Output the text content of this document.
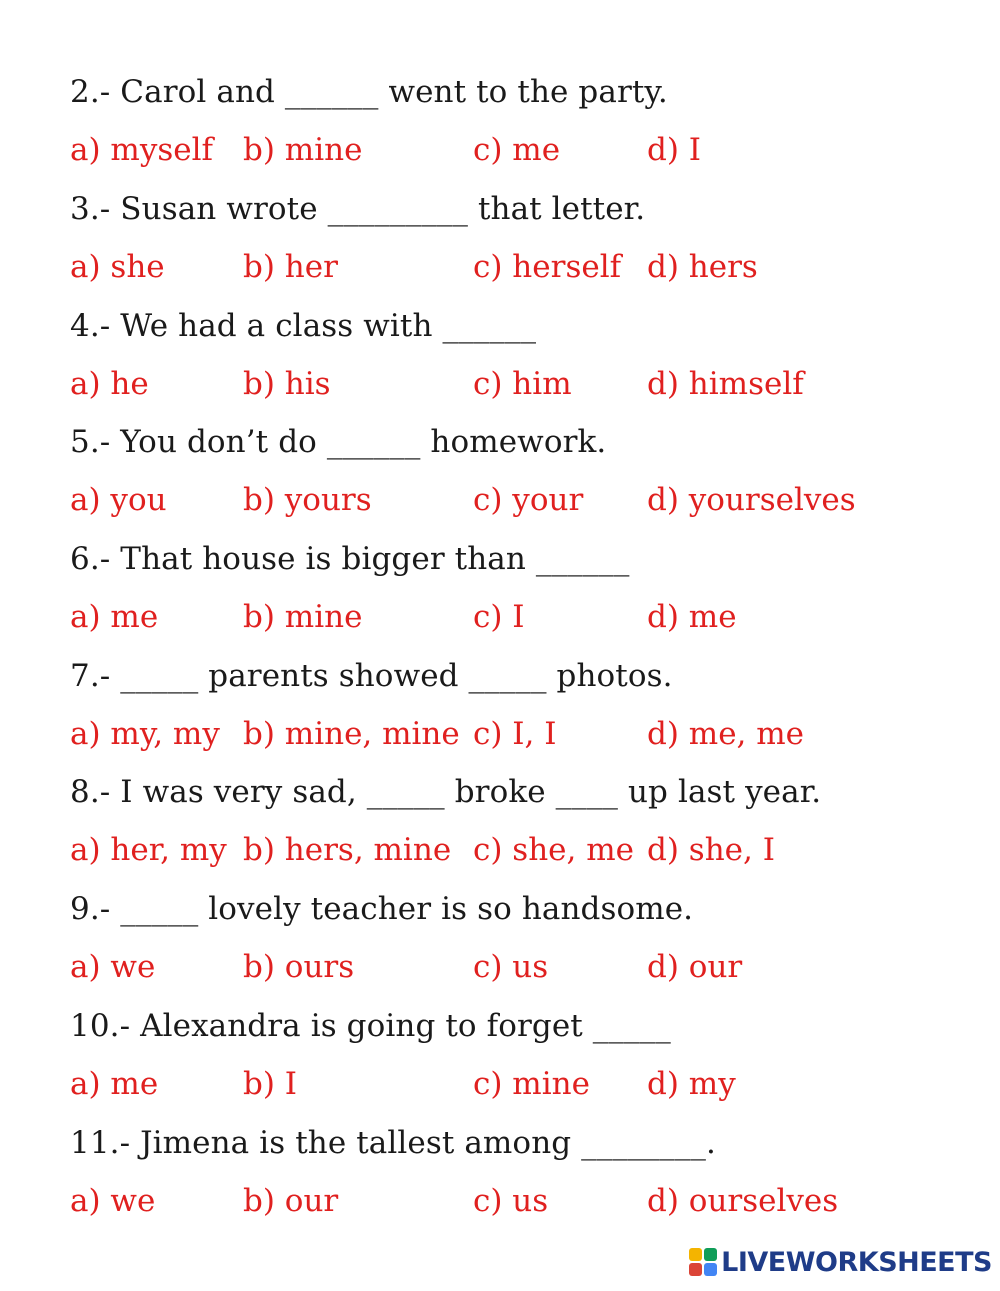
2.- Carol and ______ went to the party.
a) myself b) mine	c) me	d) I
3.- Susan wrote _________ that letter.
a) she	b) her	c) herself d) hers
4.- We had a class with ______
a) he	b) his	c) him d) himself
5.- You don’t do ______ homework.
a) you b) yours	c) your d) yourselves
6.- That house is bigger than ______
a) me	b) mine	c) I	d) me
7.- _____ parents showed _____ photos.
a) my, my b) mine, mine c) I, I	d) me, me
8.- I was very sad, _____ broke ____ up last year.
a) her, my b) hers, mine c) she, me d) she, I
9.- _____ lovely teacher is so handsome.
a) we	b) ours	c) us	d) our
10.- Alexandra is going to forget _____
a) me	b) I	c) mine d) my
11.- Jimena is the tallest among ________.
a) we	b) our	c) us	d) ourselves
LIVEWORKSHEETS
